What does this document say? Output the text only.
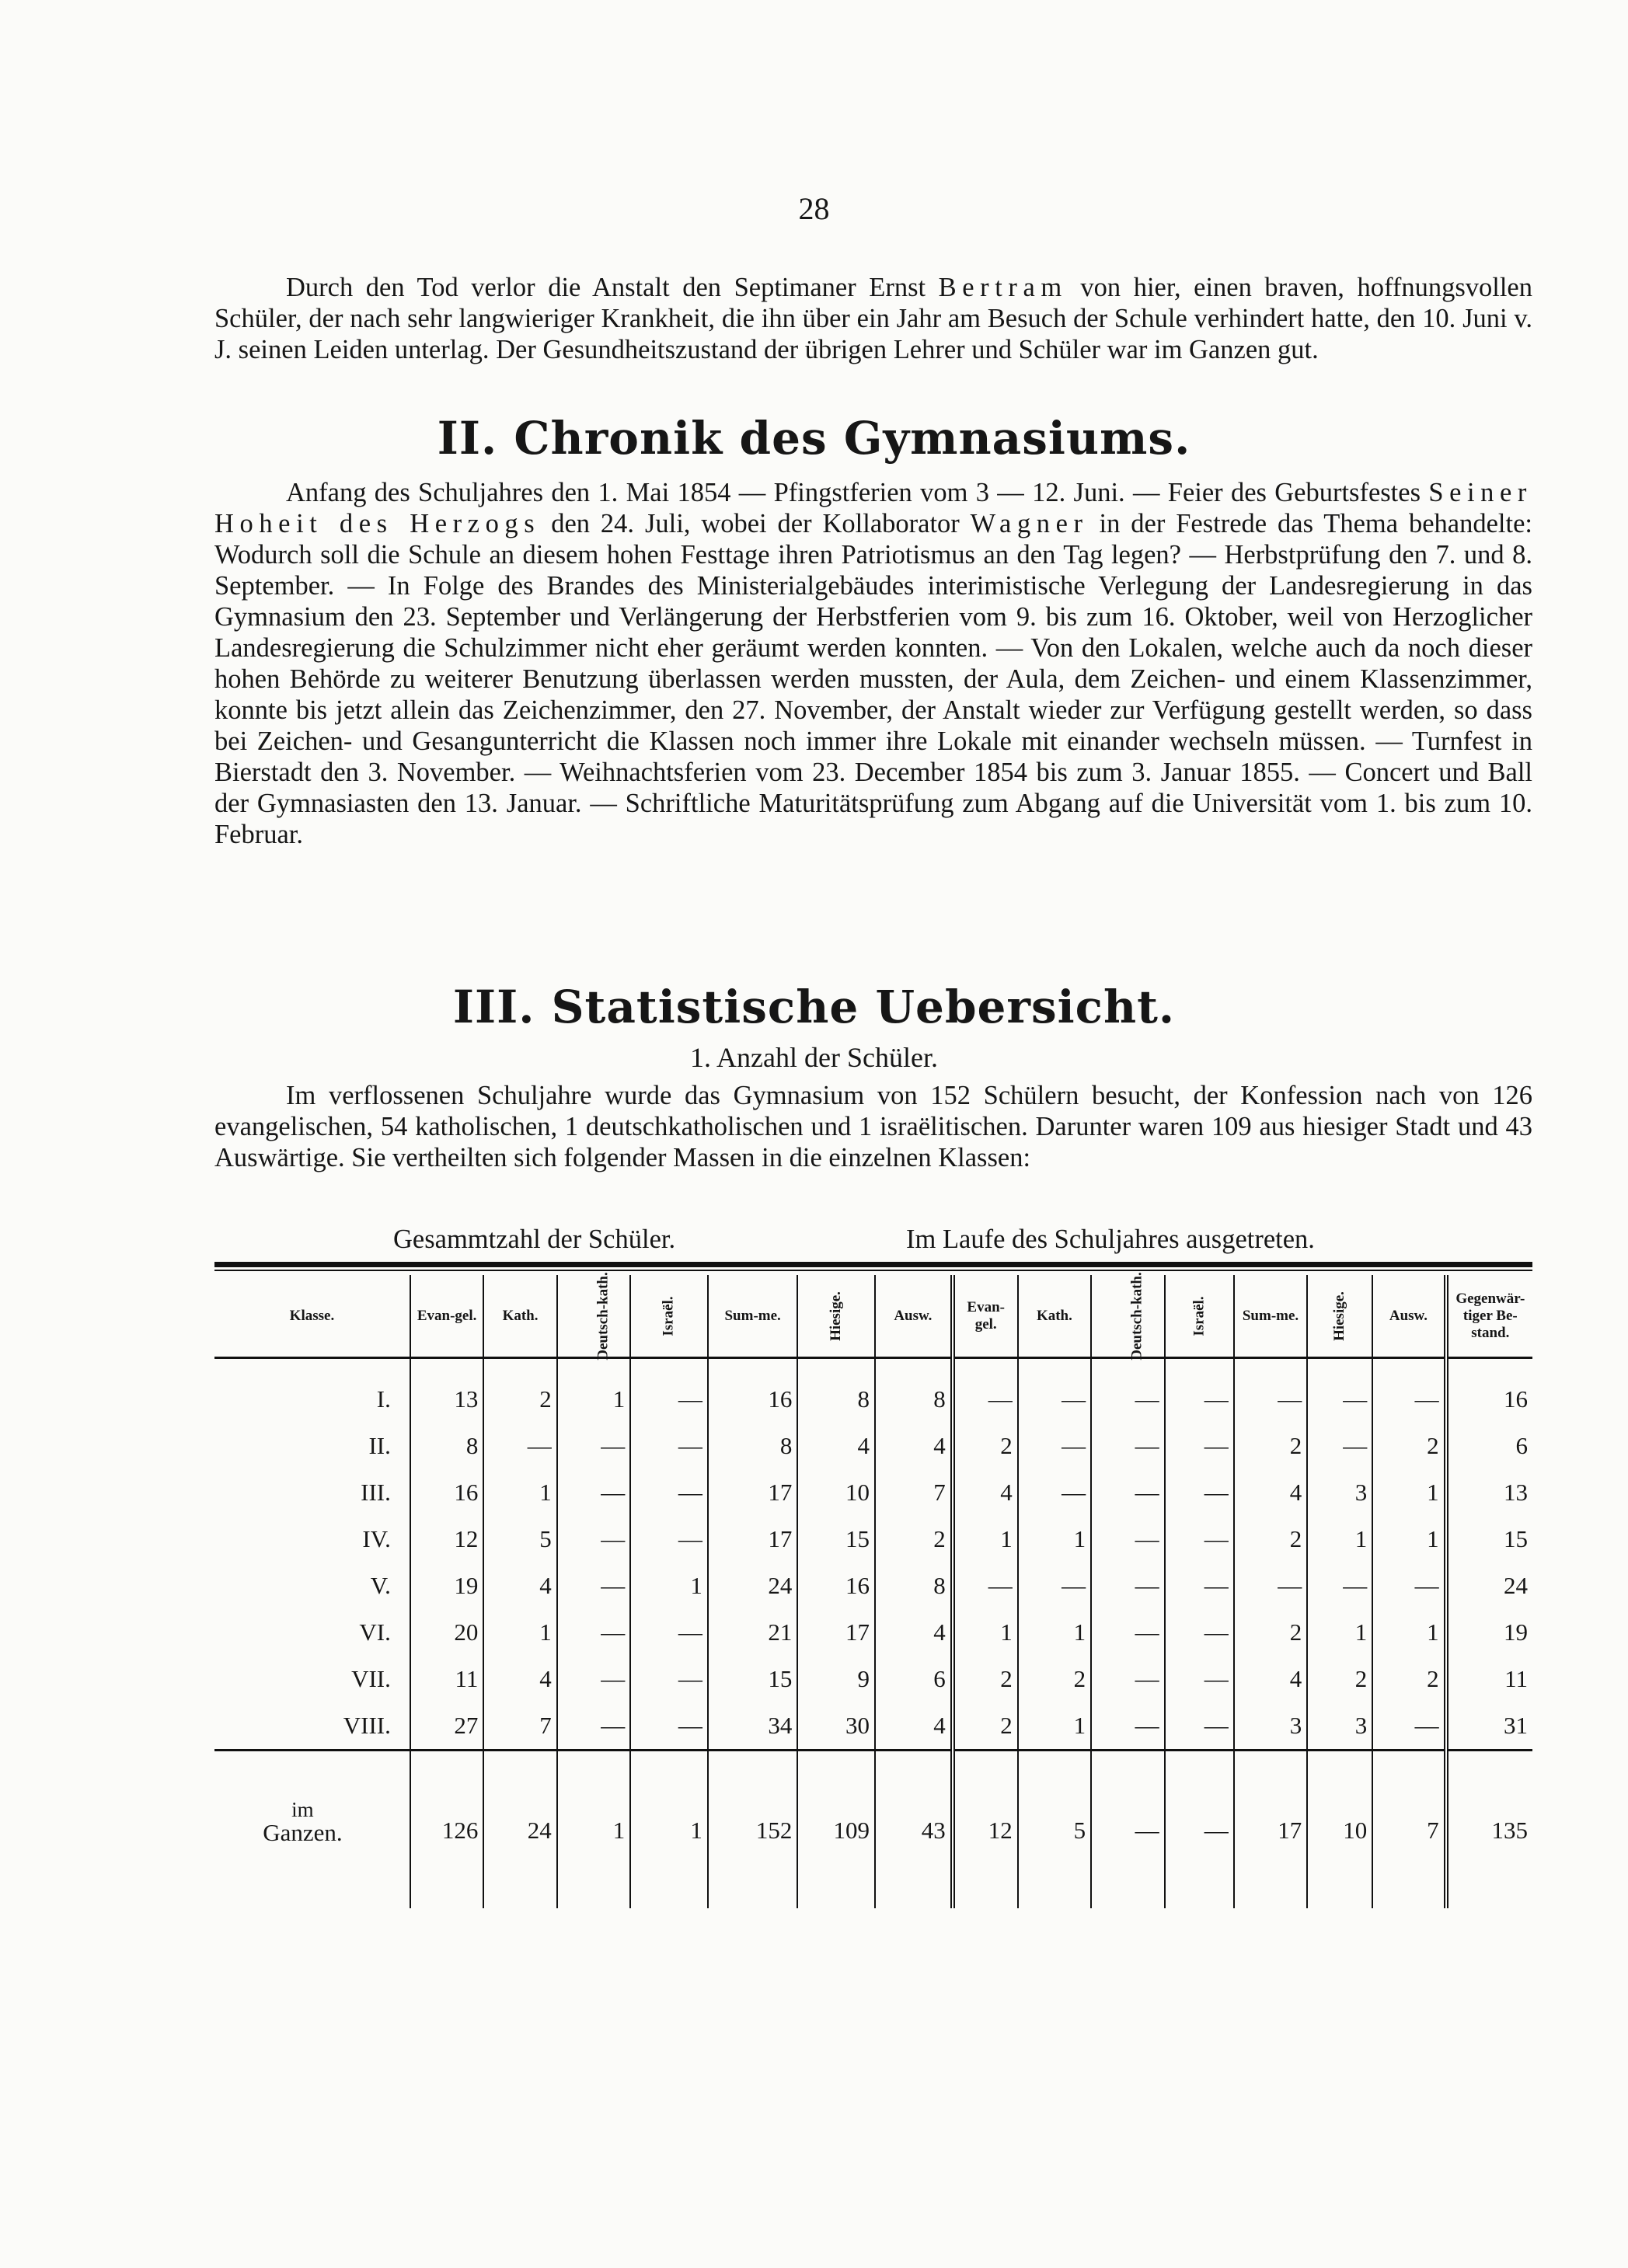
28

Durch den Tod verlor die Anstalt den Septimaner Ernst Bertram von hier, einen braven, hoffnungsvollen Schüler, der nach sehr langwieriger Krankheit, die ihn über ein Jahr am Besuch der Schule verhindert hatte, den 10. Juni v. J. seinen Leiden unterlag. Der Gesundheitszustand der übrigen Lehrer und Schüler war im Ganzen gut.

II. Chronik des Gymnasiums.

Anfang des Schuljahres den 1. Mai 1854 — Pfingstferien vom 3 — 12. Juni. — Feier des Geburtsfestes Seiner Hoheit des Herzogs den 24. Juli, wobei der Kollaborator Wagner in der Festrede das Thema behandelte: Wodurch soll die Schule an diesem hohen Festtage ihren Patriotismus an den Tag legen? — Herbstprüfung den 7. und 8. September. — In Folge des Brandes des Ministerialgebäudes interimistische Verlegung der Landesregierung in das Gymnasium den 23. September und Verlängerung der Herbstferien vom 9. bis zum 16. Oktober, weil von Herzoglicher Landesregierung die Schulzimmer nicht eher geräumt werden konnten. — Von den Lokalen, welche auch da noch dieser hohen Behörde zu weiterer Benutzung überlassen werden mussten, der Aula, dem Zeichen- und einem Klassenzimmer, konnte bis jetzt allein das Zeichenzimmer, den 27. November, der Anstalt wieder zur Verfügung gestellt werden, so dass bei Zeichen- und Gesangunterricht die Klassen noch immer ihre Lokale mit einander wechseln müssen. — Turnfest in Bierstadt den 3. November. — Weihnachtsferien vom 23. December 1854 bis zum 3. Januar 1855. — Concert und Ball der Gymnasiasten den 13. Januar. — Schriftliche Maturitätsprüfung zum Abgang auf die Universität vom 1. bis zum 10. Februar.

III. Statistische Uebersicht.
1. Anzahl der Schüler.

Im verflossenen Schuljahre wurde das Gymnasium von 152 Schülern besucht, der Konfession nach von 126 evangelischen, 54 katholischen, 1 deutschkatholischen und 1 israëlitischen. Darunter waren 109 aus hiesiger Stadt und 43 Auswärtige. Sie vertheilten sich folgender Massen in die einzelnen Klassen:

Gesammtzahl der Schüler.	Im Laufe des Schuljahres ausgetreten.
Klasse.	Evan-gel.	Kath.	Deutsch-kath.	Israël.	Sum-me.	Hiesige.	Ausw.	Evan-gel.	Kath.	Deutsch-kath.	Israël.	Sum-me.	Hiesige.	Ausw.	Gegenwär-tiger Be-stand.
I.	13	2	1	—	16	8	8	—	—	—	—	—	—	—	16
II.	8	—	—	—	8	4	4	2	—	—	—	2	—	2	6
III.	16	1	—	—	17	10	7	4	—	—	—	4	3	1	13
IV.	12	5	—	—	17	15	2	1	1	—	—	2	1	1	15
V.	19	4	—	1	24	16	8	—	—	—	—	—	—	—	24
VI.	20	1	—	—	21	17	4	1	1	—	—	2	1	1	19
VII.	11	4	—	—	15	9	6	2	2	—	—	4	2	2	11
VIII.	27	7	—	—	34	30	4	2	1	—	—	3	3	—	31

im
Ganzen.	126	24	1	1	152	109	43	12	5	—	—	17	10	7	135
